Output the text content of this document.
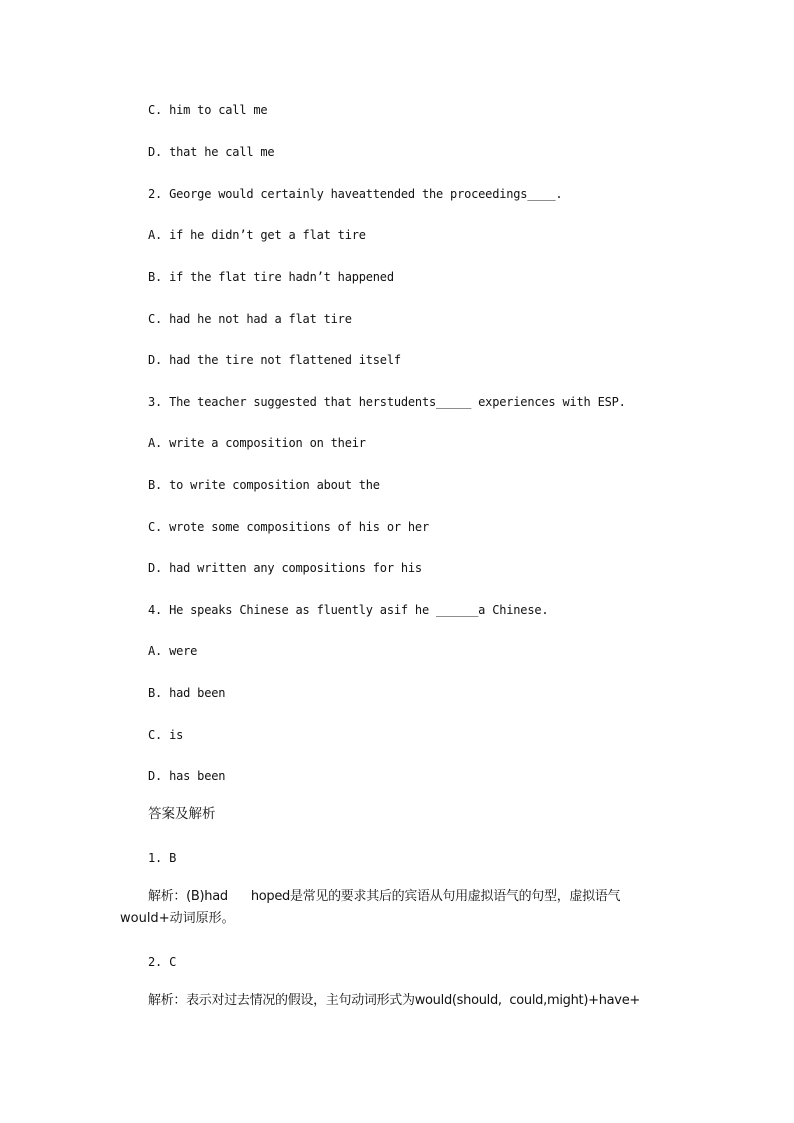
C. him to call me
D. that he call me
2. George would certainly haveattended the proceedings____.
A. if he didn’t get a flat tire
B. if the flat tire hadn’t happened
C. had he not had a flat tire
D. had the tire not flattened itself
3. The teacher suggested that herstudents_____ experiences with ESP.
A. write a composition on their
B. to write composition about the
C. wrote some compositions of his or her
D. had written any compositions for his
4. He speaks Chinese as fluently asif he ______a Chinese.
A. were
B. had been
C. is
D. has been
答案及解析
1. B
解析：(B)had      hoped是常见的要求其后的宾语从句用虚拟语气的句型，虚拟语气
would+动词原形。
2. C
解析：表示对过去情况的假设，主句动词形式为would(should,  could,might)+have+
